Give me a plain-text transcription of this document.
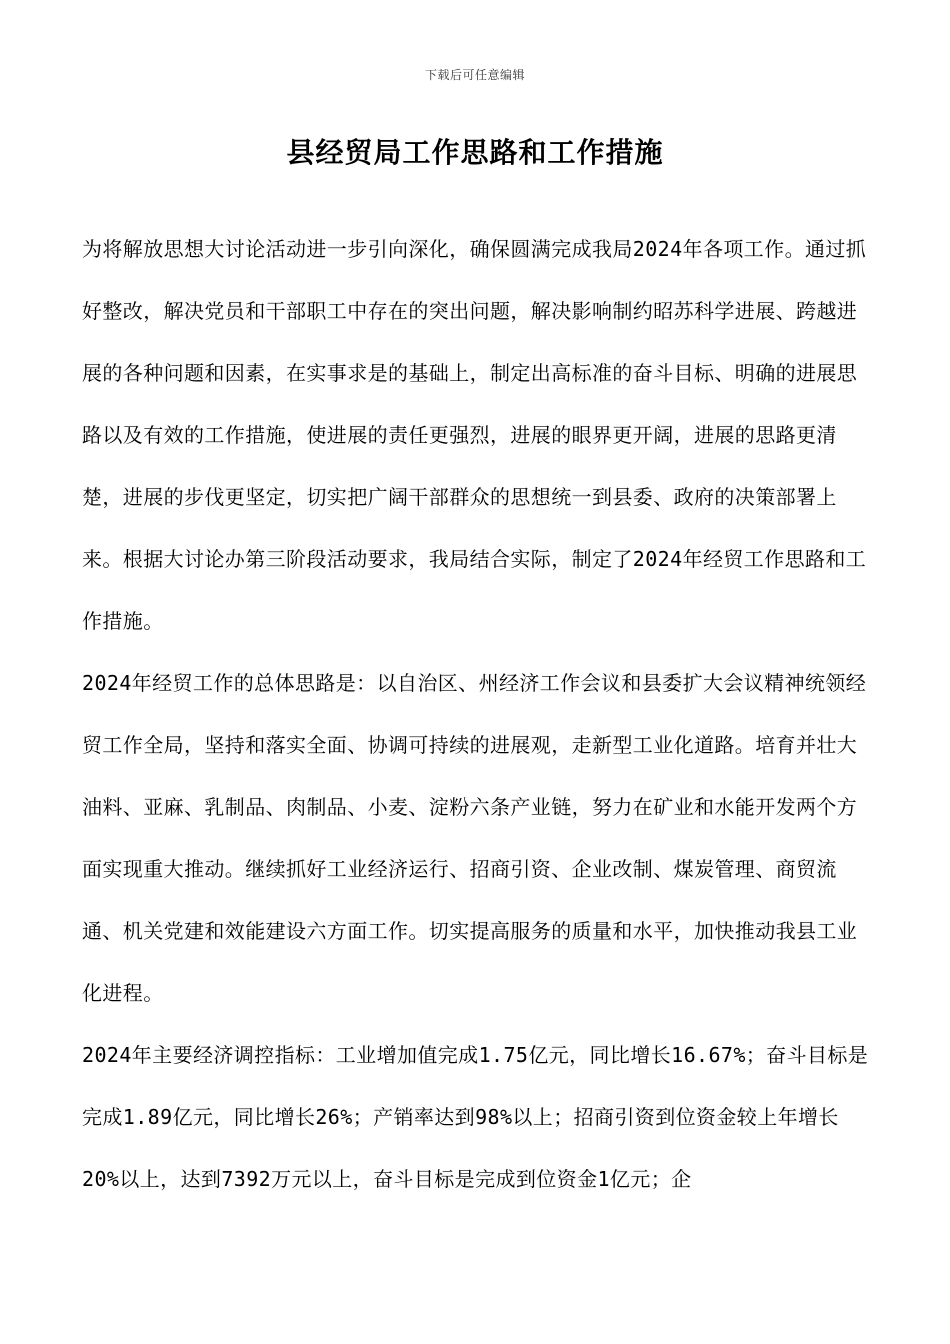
下载后可任意编辑
县经贸局工作思路和工作措施

为将解放思想大讨论活动进一步引向深化，确保圆满完成我局2024年各项工作。通过抓好整改，解决党员和干部职工中存在的突出问题，解决影响制约昭苏科学进展、跨越进展的各种问题和因素，在实事求是的基础上，制定出高标准的奋斗目标、明确的进展思路以及有效的工作措施，使进展的责任更强烈，进展的眼界更开阔，进展的思路更清楚，进展的步伐更坚定，切实把广阔干部群众的思想统一到县委、政府的决策部署上来。根据大讨论办第三阶段活动要求，我局结合实际，制定了2024年经贸工作思路和工作措施。

2024年经贸工作的总体思路是：以自治区、州经济工作会议和县委扩大会议精神统领经贸工作全局，坚持和落实全面、协调可持续的进展观，走新型工业化道路。培育并壮大油料、亚麻、乳制品、肉制品、小麦、淀粉六条产业链，努力在矿业和水能开发两个方面实现重大推动。继续抓好工业经济运行、招商引资、企业改制、煤炭管理、商贸流通、机关党建和效能建设六方面工作。切实提高服务的质量和水平，加快推动我县工业化进程。

2024年主要经济调控指标：工业增加值完成1.75亿元，同比增长16.67%；奋斗目标是完成1.89亿元，同比增长26%；产销率达到98%以上；招商引资到位资金较上年增长20%以上，达到7392万元以上，奋斗目标是完成到位资金1亿元；企
